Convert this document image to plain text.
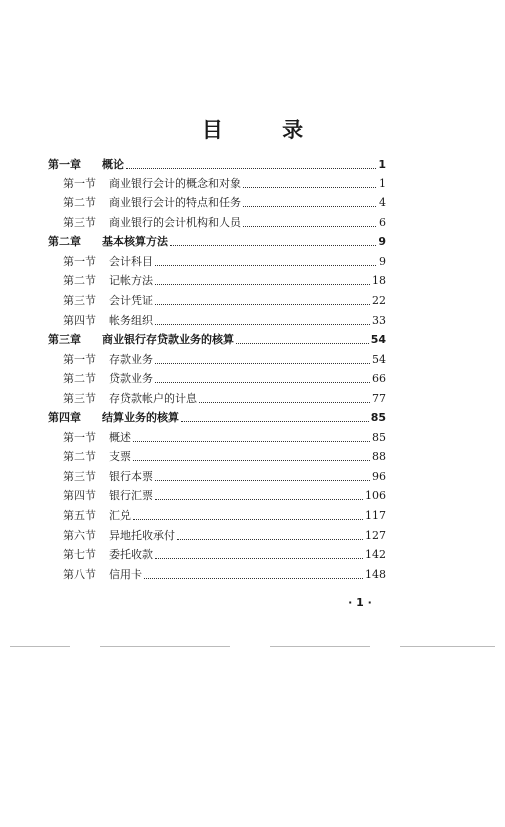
目 录
第一章	概论	1
第一节	商业银行会计的概念和对象	1
第二节	商业银行会计的特点和任务	4
第三节	商业银行的会计机构和人员	6
第二章	基本核算方法	9
第一节	会计科目	9
第二节	记帐方法	18
第三节	会计凭证	22
第四节	帐务组织	33
第三章	商业银行存贷款业务的核算	54
第一节	存款业务	54
第二节	贷款业务	66
第三节	存贷款帐户的计息	77
第四章	结算业务的核算	85
第一节	概述	85
第二节	支票	88
第三节	银行本票	96
第四节	银行汇票	106
第五节	汇兑	117
第六节	异地托收承付	127
第七节	委托收款	142
第八节	信用卡	148
· 1 ·
